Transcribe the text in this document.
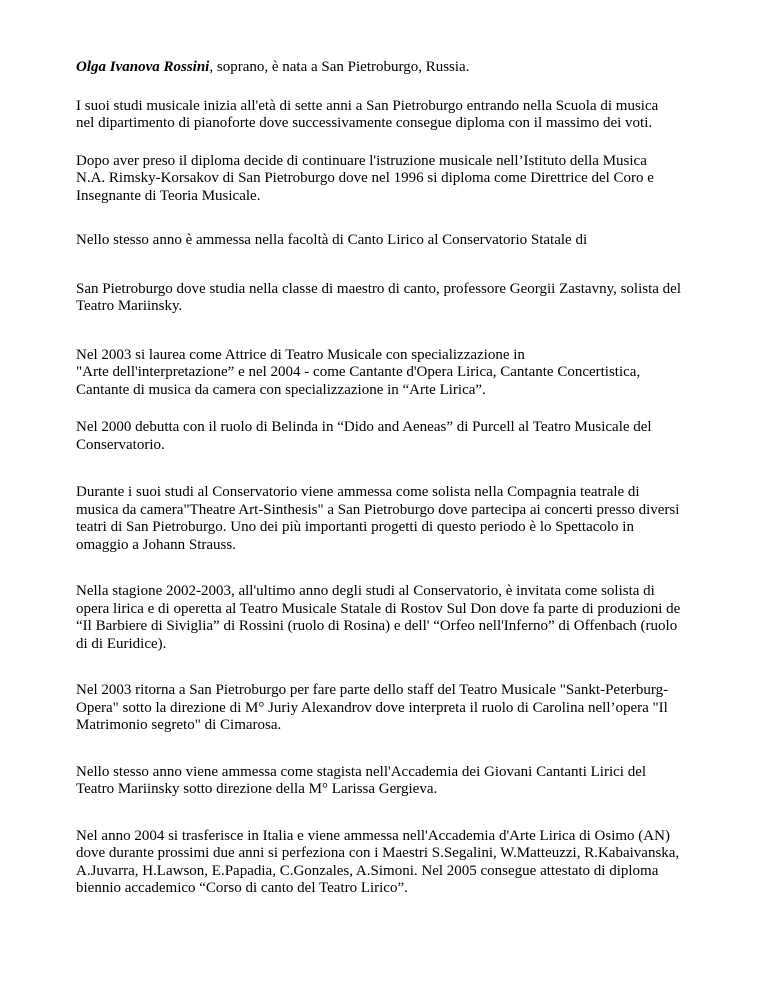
Olga Ivanova Rossini, soprano, è nata a San Pietroburgo, Russia.

I suoi studi musicale inizia all'età di sette anni a San Pietroburgo entrando nella Scuola di musica
nel dipartimento di pianoforte dove successivamente consegue diploma con il massimo dei voti.

Dopo aver preso il diploma decide di continuare l'istruzione musicale nell’Istituto della Musica
N.A. Rimsky-Korsakov di San Pietroburgo dove nel 1996 si diploma come Direttrice del Coro e
Insegnante di Teoria Musicale.

Nello stesso anno è ammessa nella facoltà di Canto Lirico al Conservatorio Statale di

San Pietroburgo dove studia nella classe di maestro di canto, professore Georgii Zastavny, solista del
Teatro Mariinsky.

Nel 2003 si laurea come Attrice di Teatro Musicale con specializzazione in
"Arte dell'interpretazione” e nel 2004 - come Cantante d'Opera Lirica, Cantante Concertistica,
Cantante di musica da camera con specializzazione in “Arte Lirica”.

Nel 2000 debutta con il ruolo di Belinda in “Dido and Aeneas” di Purcell al Teatro Musicale del
Conservatorio.

Durante i suoi studi al Conservatorio viene ammessa come solista nella Compagnia teatrale di
musica da camera"Theatre Art-Sinthesis" a San Pietroburgo dove partecipa ai concerti presso diversi
teatri di San Pietroburgo. Uno dei più importanti progetti di questo periodo è lo Spettacolo in
omaggio a Johann Strauss.

Nella stagione 2002-2003, all'ultimo anno degli studi al Conservatorio, è invitata come solista di
opera lirica e di operetta al Teatro Musicale Statale di Rostov Sul Don dove fa parte di produzioni de
“Il Barbiere di Siviglia” di Rossini (ruolo di Rosina) e dell' “Orfeo nell'Inferno” di Offenbach (ruolo
di di Euridice).

Nel 2003 ritorna a San Pietroburgo per fare parte dello staff del Teatro Musicale "Sankt-Peterburg-
Opera" sotto la direzione di M° Juriy Alexandrov dove interpreta il ruolo di Carolina nell’opera "Il
Matrimonio segreto" di Cimarosa.

Nello stesso anno viene ammessa come stagista nell'Accademia dei Giovani Cantanti Lirici del
Teatro Mariinsky sotto direzione della M° Larissa Gergieva.

Nel anno 2004 si trasferisce in Italia e viene ammessa nell'Accademia d'Arte Lirica di Osimo (AN)
dove durante prossimi due anni si perfeziona con i Maestri S.Segalini, W.Matteuzzi, R.Kabaivanska,
A.Juvarra, H.Lawson, E.Papadia, C.Gonzales, A.Simoni. Nel 2005 consegue attestato di diploma
biennio accademico “Corso di canto del Teatro Lirico”.
